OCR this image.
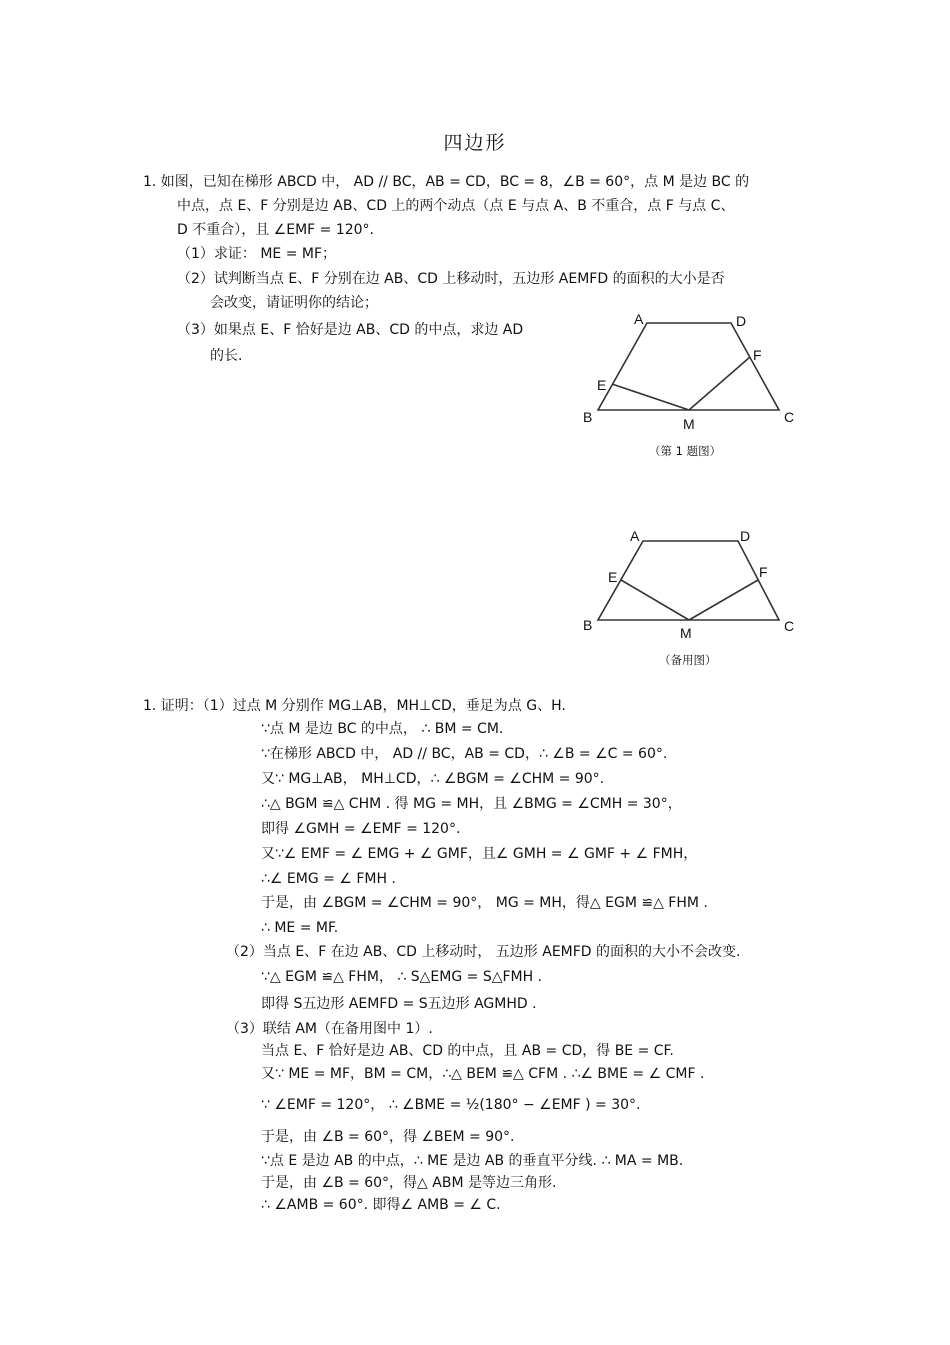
四边形
1. 如图，已知在梯形 ABCD 中， AD // BC，AB = CD，BC = 8，∠B = 60°，点 M 是边 BC 的
中点，点 E、F 分别是边 AB、CD 上的两个动点（点 E 与点 A、B 不重合，点 F 与点 C、
D 不重合），且 ∠EMF = 120°.
（1）求证： ME = MF；
（2）试判断当点 E、F 分别在边 AB、CD 上移动时，五边形 AEMFD 的面积的大小是否
会改变，请证明你的结论；
（3）如果点 E、F 恰好是边 AB、CD 的中点，求边 AD
的长.
A	D
F
E
B	M	C
（第 1 题图）
A	D
F
E
B	M	C
（备用图）
1. 证明：（1）过点 M 分别作 MG⊥AB，MH⊥CD，垂足为点 G、H.
∵点 M 是边 BC 的中点， ∴ BM = CM.
∵在梯形 ABCD 中， AD // BC，AB = CD，∴ ∠B = ∠C = 60°.
又∵ MG⊥AB， MH⊥CD，∴ ∠BGM = ∠CHM = 90°.
∴△ BGM ≌△ CHM . 得 MG = MH，且 ∠BMG = ∠CMH = 30°，
即得 ∠GMH = ∠EMF = 120°.
又∵∠ EMF = ∠ EMG + ∠ GMF，且∠ GMH = ∠ GMF + ∠ FMH，
∴∠ EMG = ∠ FMH .
于是，由 ∠BGM = ∠CHM = 90°， MG = MH，得△ EGM ≌△ FHM .
∴ ME = MF.
（2）当点 E、F 在边 AB、CD 上移动时， 五边形 AEMFD 的面积的大小不会改变.
∵△ EGM ≌△ FHM， ∴ S△EMG = S△FMH .
即得 S五边形 AEMFD = S五边形 AGMHD .
（3）联结 AM（在备用图中 1）.
当点 E、F 恰好是边 AB、CD 的中点，且 AB = CD，得 BE = CF.
又∵ ME = MF，BM = CM，∴△ BEM ≌△ CFM . ∴∠ BME = ∠ CMF .
∵ ∠EMF = 120°， ∴ ∠BME = ½(180° − ∠EMF ) = 30°.
于是，由 ∠B = 60°，得 ∠BEM = 90°.
∵点 E 是边 AB 的中点，∴ ME 是边 AB 的垂直平分线. ∴ MA = MB.
于是，由 ∠B = 60°，得△ ABM 是等边三角形.
∴ ∠AMB = 60°. 即得∠ AMB = ∠ C.
